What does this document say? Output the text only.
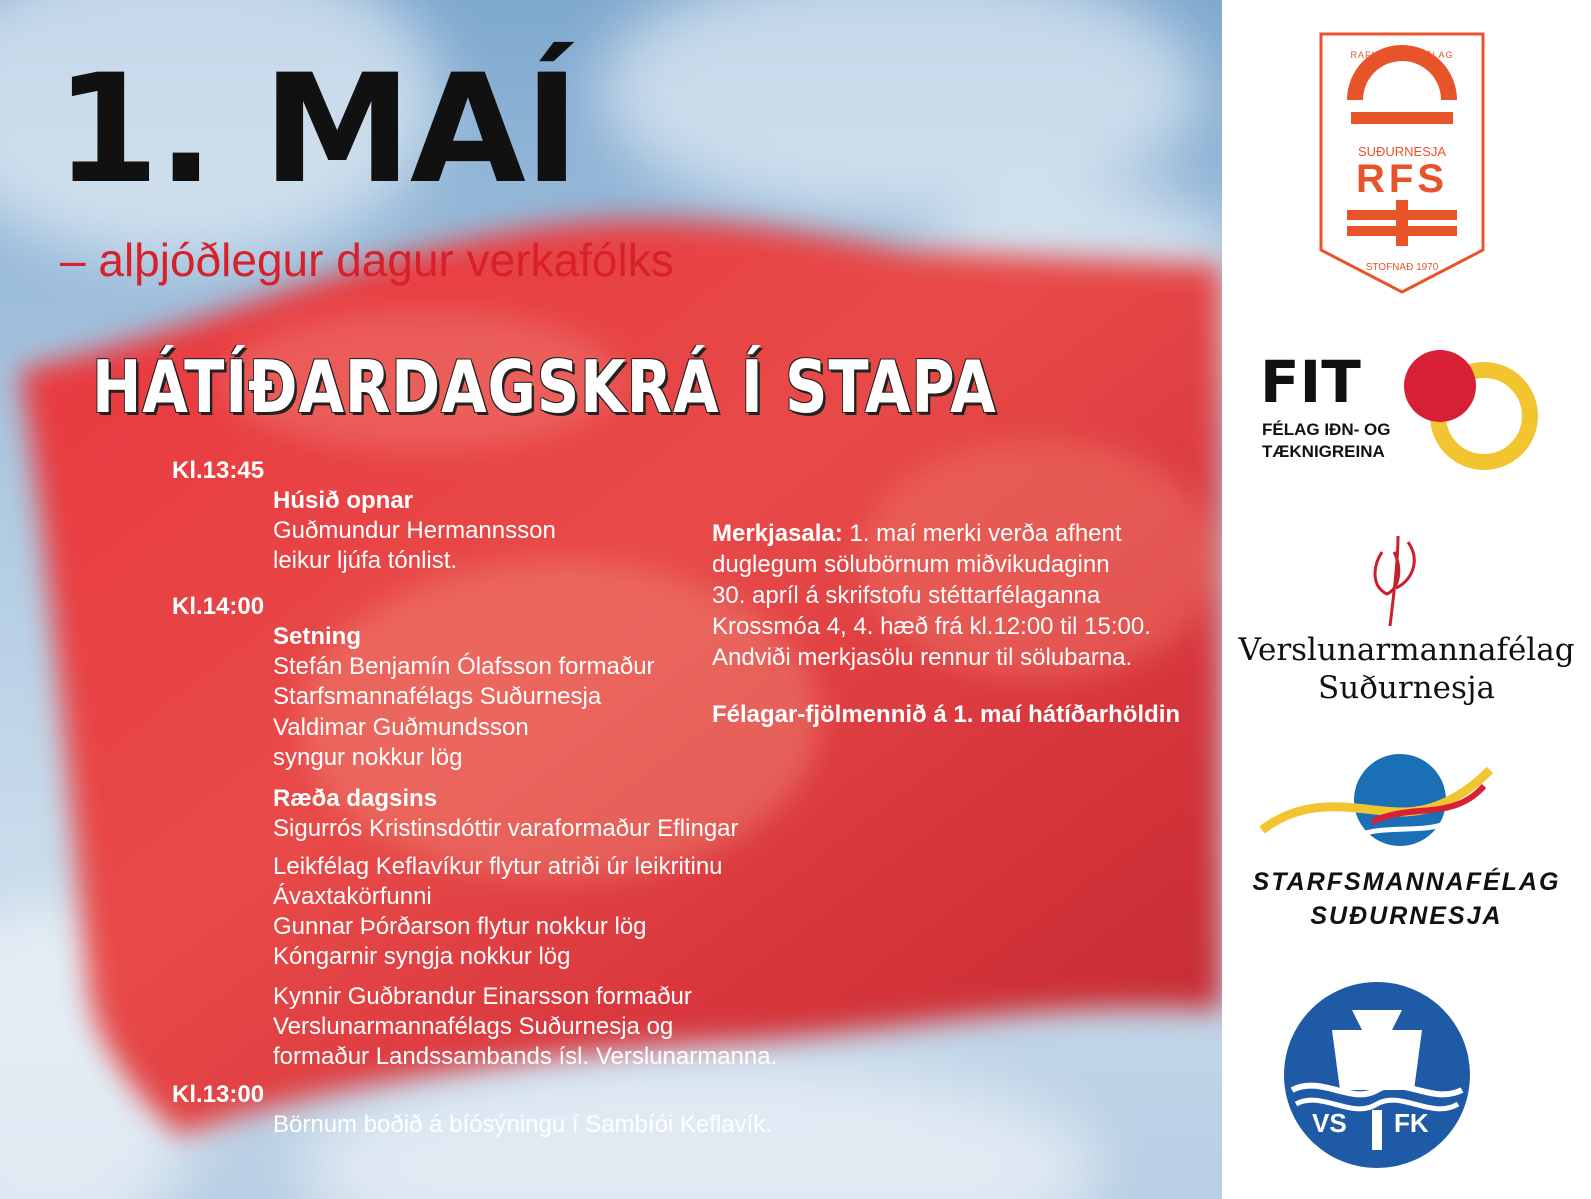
1. MAÍ
– alþjóðlegur dagur verkafólks
HÁTÍÐARDAGSKRÁ Í STAPA
Kl.13:45
Húsið opnar
Guðmundur Hermannsson
leikur ljúfa tónlist.
Kl.14:00
Setning
Stefán Benjamín Ólafsson formaður
Starfsmannafélags Suðurnesja
Valdimar Guðmundsson
syngur nokkur lög
Ræða dagsins
Sigurrós Kristinsdóttir varaformaður Eflingar
Leikfélag Keflavíkur flytur atriði úr leikritinu
Ávaxtakörfunni
Gunnar Þórðarson flytur nokkur lög
Kóngarnir syngja nokkur lög
Kynnir Guðbrandur Einarsson formaður
Verslunarmannafélags Suðurnesja og
formaður Landssambands ísl. Verslunarmanna.
Kl.13:00
Börnum boðið á bíósýningu í Sambíói Keflavík.
Merkjasala: 1. maí merki verða afhent
duglegum sölubörnum miðvikudaginn
30. apríl á skrifstofu stéttarfélaganna
Krossmóa 4, 4. hæð frá kl.12:00 til 15:00.
Andviði merkjasölu rennur til sölubarna.
Félagar-fjölmennið á 1. maí hátíðarhöldin
RAFIÐNAÐARFÉLAG
SUÐURNESJA
RFS
STOFNAÐ 1970
FIT
FÉLAG IÐN- OG
TÆKNIGREINA
Verslunarmannafélag
Suðurnesja
STARFSMANNAFÉLAG
SUÐURNESJA
VS FK
